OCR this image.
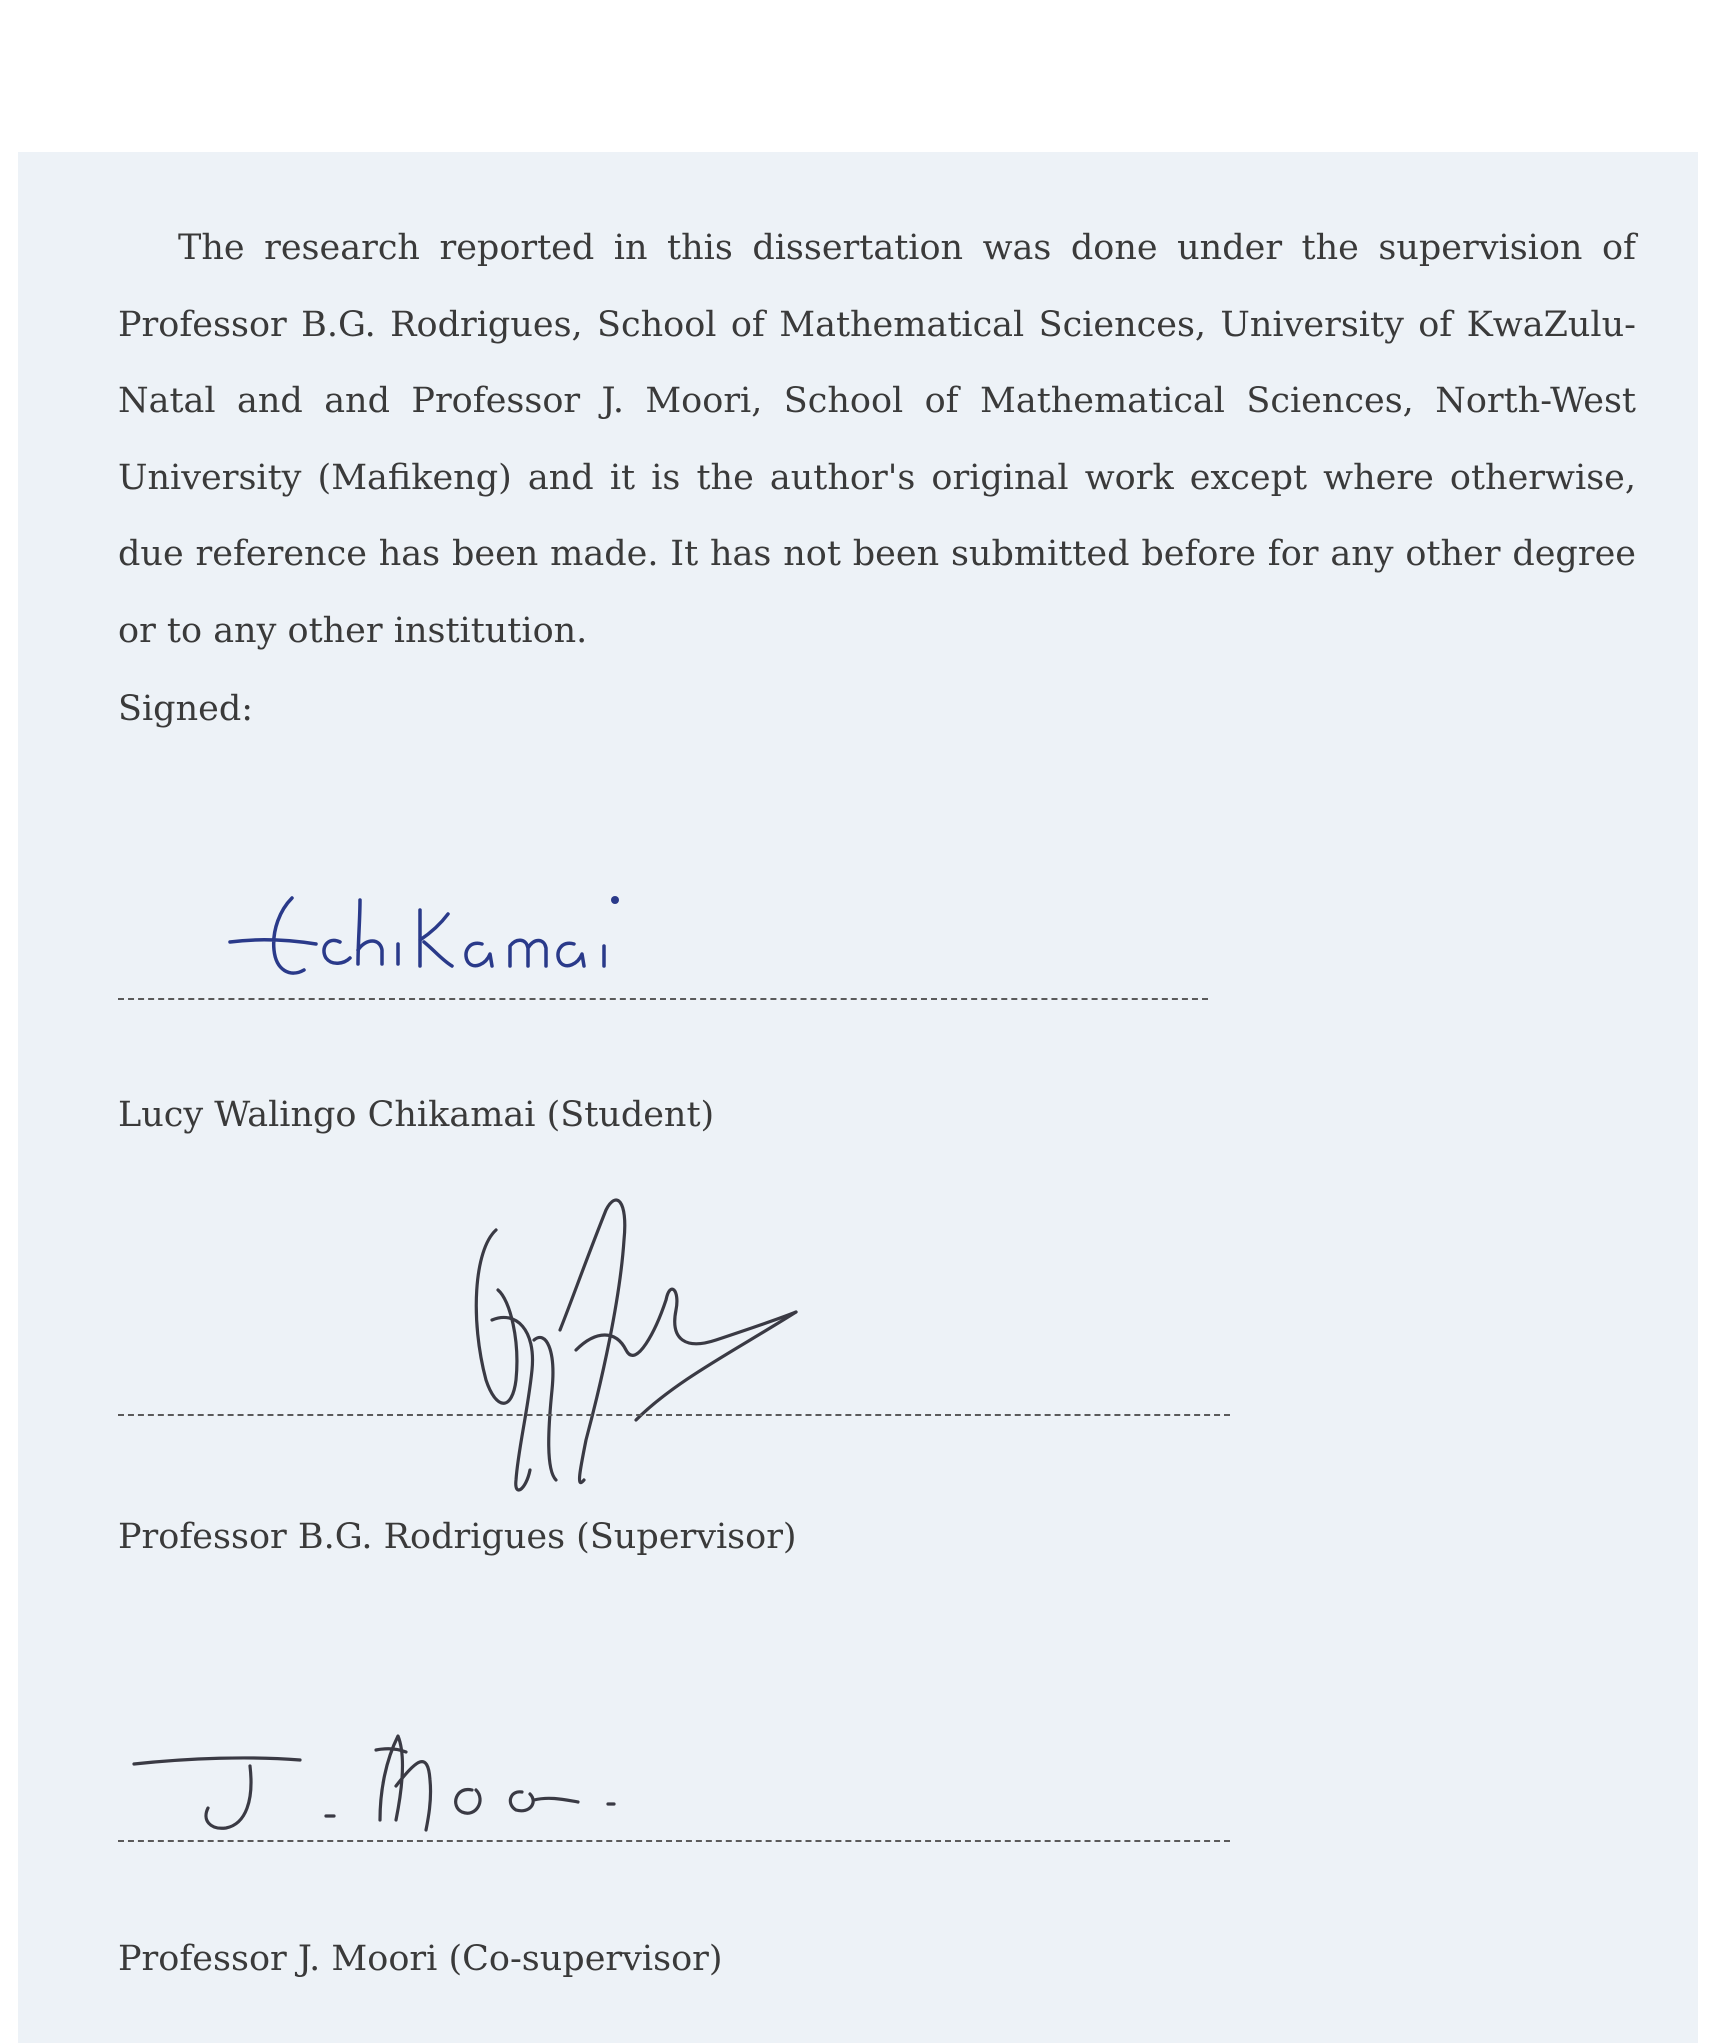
The research reported in this dissertation was done under the supervision of Professor B.G. Rodrigues, School of Mathematical Sciences, University of KwaZulu-Natal and and Professor J. Moori, School of Mathematical Sciences, North-West University (Mafikeng) and it is the author's original work except where otherwise, due reference has been made. It has not been submitted before for any other degree or to any other institution.

Signed:
Lucy Walingo Chikamai (Student)
Professor B.G. Rodrigues (Supervisor)
Professor J. Moori (Co-supervisor)
